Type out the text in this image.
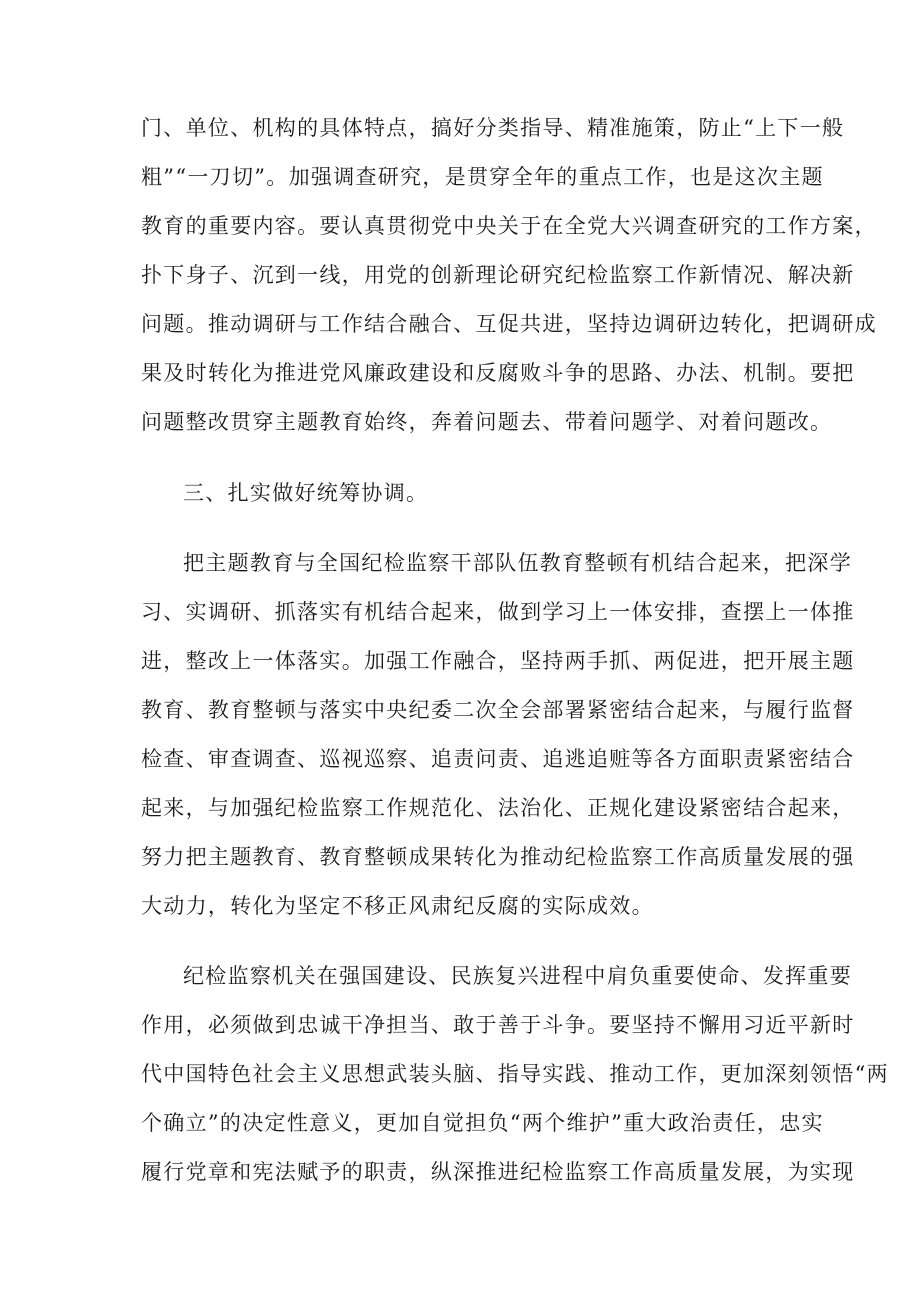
门、单位、机构的具体特点，搞好分类指导、精准施策，防止“上下一般
粗”“一刀切”。加强调查研究，是贯穿全年的重点工作，也是这次主题
教育的重要内容。要认真贯彻党中央关于在全党大兴调查研究的工作方案，
扑下身子、沉到一线，用党的创新理论研究纪检监察工作新情况、解决新
问题。推动调研与工作结合融合、互促共进，坚持边调研边转化，把调研成
果及时转化为推进党风廉政建设和反腐败斗争的思路、办法、机制。要把
问题整改贯穿主题教育始终，奔着问题去、带着问题学、对着问题改。
三、扎实做好统筹协调。
把主题教育与全国纪检监察干部队伍教育整顿有机结合起来，把深学
习、实调研、抓落实有机结合起来，做到学习上一体安排，查摆上一体推
进，整改上一体落实。加强工作融合，坚持两手抓、两促进，把开展主题
教育、教育整顿与落实中央纪委二次全会部署紧密结合起来，与履行监督
检查、审查调查、巡视巡察、追责问责、追逃追赃等各方面职责紧密结合
起来，与加强纪检监察工作规范化、法治化、正规化建设紧密结合起来，
努力把主题教育、教育整顿成果转化为推动纪检监察工作高质量发展的强
大动力，转化为坚定不移正风肃纪反腐的实际成效。
纪检监察机关在强国建设、民族复兴进程中肩负重要使命、发挥重要
作用，必须做到忠诚干净担当、敢于善于斗争。要坚持不懈用习近平新时
代中国特色社会主义思想武装头脑、指导实践、推动工作，更加深刻领悟“两
个确立”的决定性意义，更加自觉担负“两个维护”重大政治责任，忠实
履行党章和宪法赋予的职责，纵深推进纪检监察工作高质量发展，为实现
